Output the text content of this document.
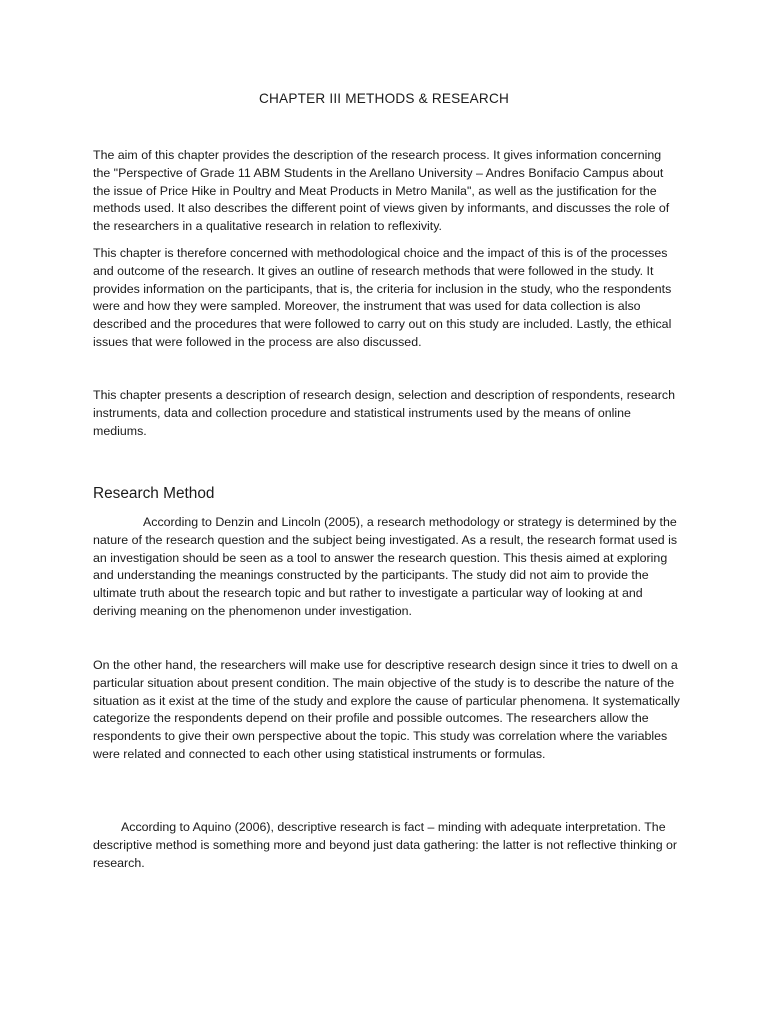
CHAPTER III METHODS & RESEARCH

The aim of this chapter provides the description of the research process. It gives information concerning the "Perspective of Grade 11 ABM Students in the Arellano University – Andres Bonifacio Campus about the issue of Price Hike in Poultry and Meat Products in Metro Manila", as well as the justification for the methods used. It also describes the different point of views given by informants, and discusses the role of the researchers in a qualitative research in relation to reflexivity.

This chapter is therefore concerned with methodological choice and the impact of this is of the processes and outcome of the research. It gives an outline of research methods that were followed in the study. It provides information on the participants, that is, the criteria for inclusion in the study, who the respondents were and how they were sampled. Moreover, the instrument that was used for data collection is also described and the procedures that were followed to carry out on this study are included. Lastly, the ethical issues that were followed in the process are also discussed.

This chapter presents a description of research design, selection and description of respondents, research instruments, data and collection procedure and statistical instruments used by the means of online mediums.

Research Method

According to Denzin and Lincoln (2005), a research methodology or strategy is determined by the nature of the research question and the subject being investigated. As a result, the research format used is an investigation should be seen as a tool to answer the research question. This thesis aimed at exploring and understanding the meanings constructed by the participants. The study did not aim to provide the ultimate truth about the research topic and but rather to investigate a particular way of looking at and deriving meaning on the phenomenon under investigation.

On the other hand, the researchers will make use for descriptive research design since it tries to dwell on a particular situation about present condition. The main objective of the study is to describe the nature of the situation as it exist at the time of the study and explore the cause of particular phenomena. It systematically categorize the respondents depend on their profile and possible outcomes. The researchers allow the respondents to give their own perspective about the topic. This study was correlation where the variables were related and connected to each other using statistical instruments or formulas.

According to Aquino (2006), descriptive research is fact – minding with adequate interpretation. The descriptive method is something more and beyond just data gathering: the latter is not reflective thinking or research.
